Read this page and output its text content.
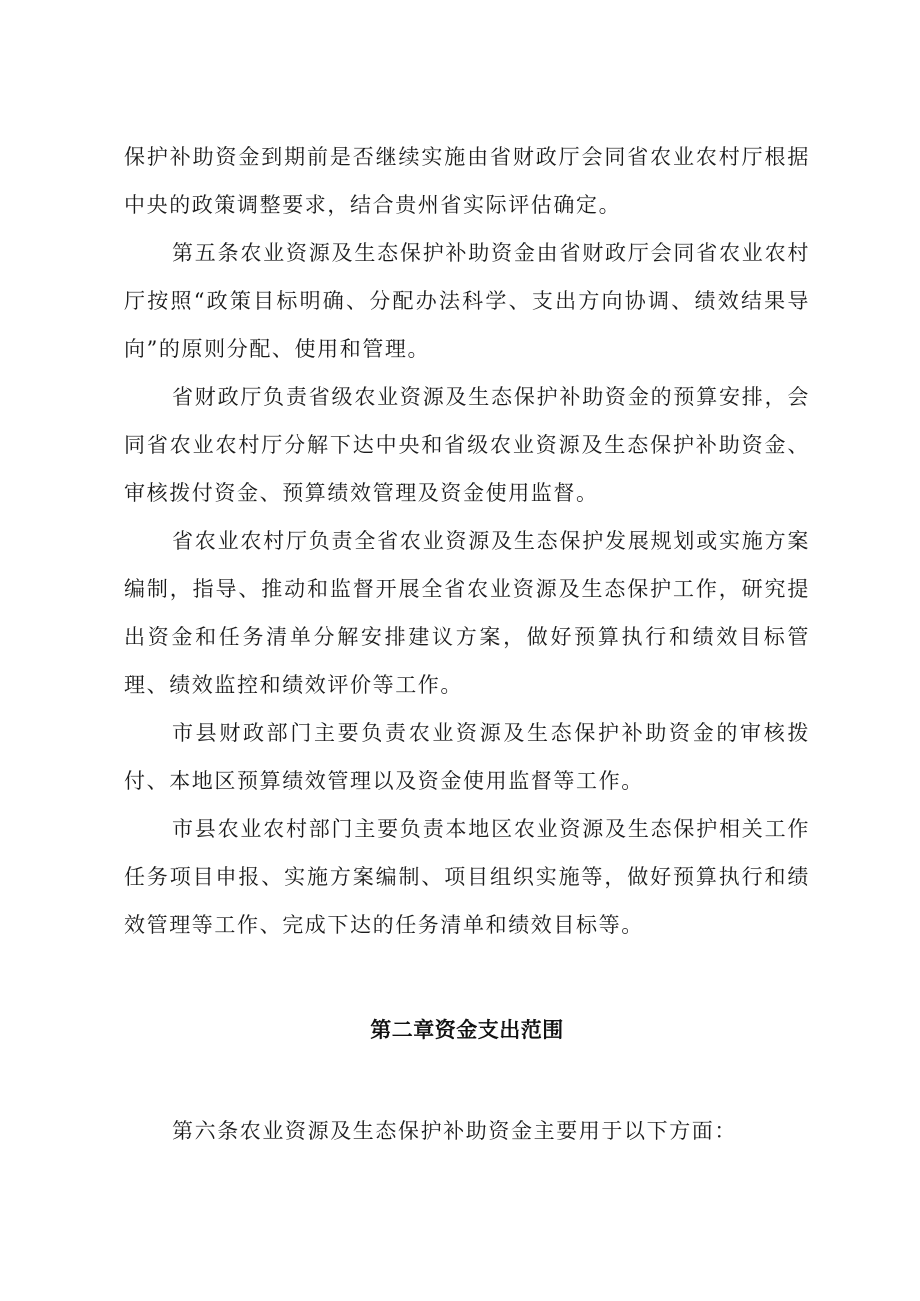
保护补助资金到期前是否继续实施由省财政厅会同省农业农村厅根据中央的政策调整要求，结合贵州省实际评估确定。

第五条农业资源及生态保护补助资金由省财政厅会同省农业农村厅按照“政策目标明确、分配办法科学、支出方向协调、绩效结果导向”的原则分配、使用和管理。

省财政厅负责省级农业资源及生态保护补助资金的预算安排，会同省农业农村厅分解下达中央和省级农业资源及生态保护补助资金、审核拨付资金、预算绩效管理及资金使用监督。

省农业农村厅负责全省农业资源及生态保护发展规划或实施方案编制，指导、推动和监督开展全省农业资源及生态保护工作，研究提出资金和任务清单分解安排建议方案，做好预算执行和绩效目标管理、绩效监控和绩效评价等工作。

市县财政部门主要负责农业资源及生态保护补助资金的审核拨付、本地区预算绩效管理以及资金使用监督等工作。

市县农业农村部门主要负责本地区农业资源及生态保护相关工作任务项目申报、实施方案编制、项目组织实施等，做好预算执行和绩效管理等工作、完成下达的任务清单和绩效目标等。

第二章资金支出范围

第六条农业资源及生态保护补助资金主要用于以下方面：
